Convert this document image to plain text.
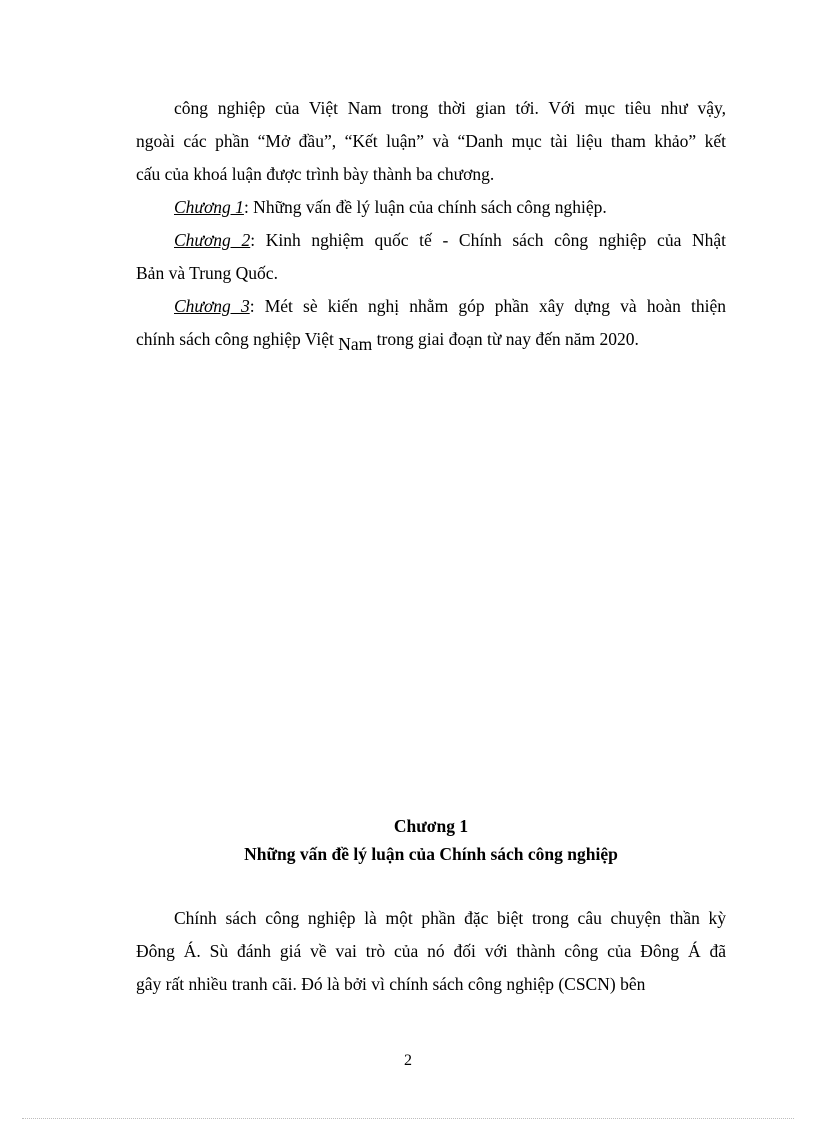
công nghiệp của Việt Nam trong thời gian tới. Với mục tiêu như vậy,
ngoài các phần “Mở đầu”, “Kết luận” và “Danh mục tài liệu tham khảo” kết
cấu của khoá luận được trình bày thành ba chương.
Chương 1: Những vấn đề lý luận của chính sách công nghiệp.
Chương 2: Kinh nghiệm quốc tế - Chính sách công nghiệp của Nhật
Bản và Trung Quốc.
Chương 3: Mét sè kiến nghị nhằm góp phần xây dựng và hoàn thiện
chính sách công nghiệp Việt Nam trong giai đoạn từ nay đến năm 2020.
Chương 1
Những vấn đề lý luận của Chính sách công nghiệp
Chính sách công nghiệp là một phần đặc biệt trong câu chuyện thần kỳ
Đông Á. Sù đánh giá về vai trò của nó đối với thành công của Đông Á đã
gây rất nhiều tranh cãi. Đó là bởi vì chính sách công nghiệp (CSCN) bên
2
